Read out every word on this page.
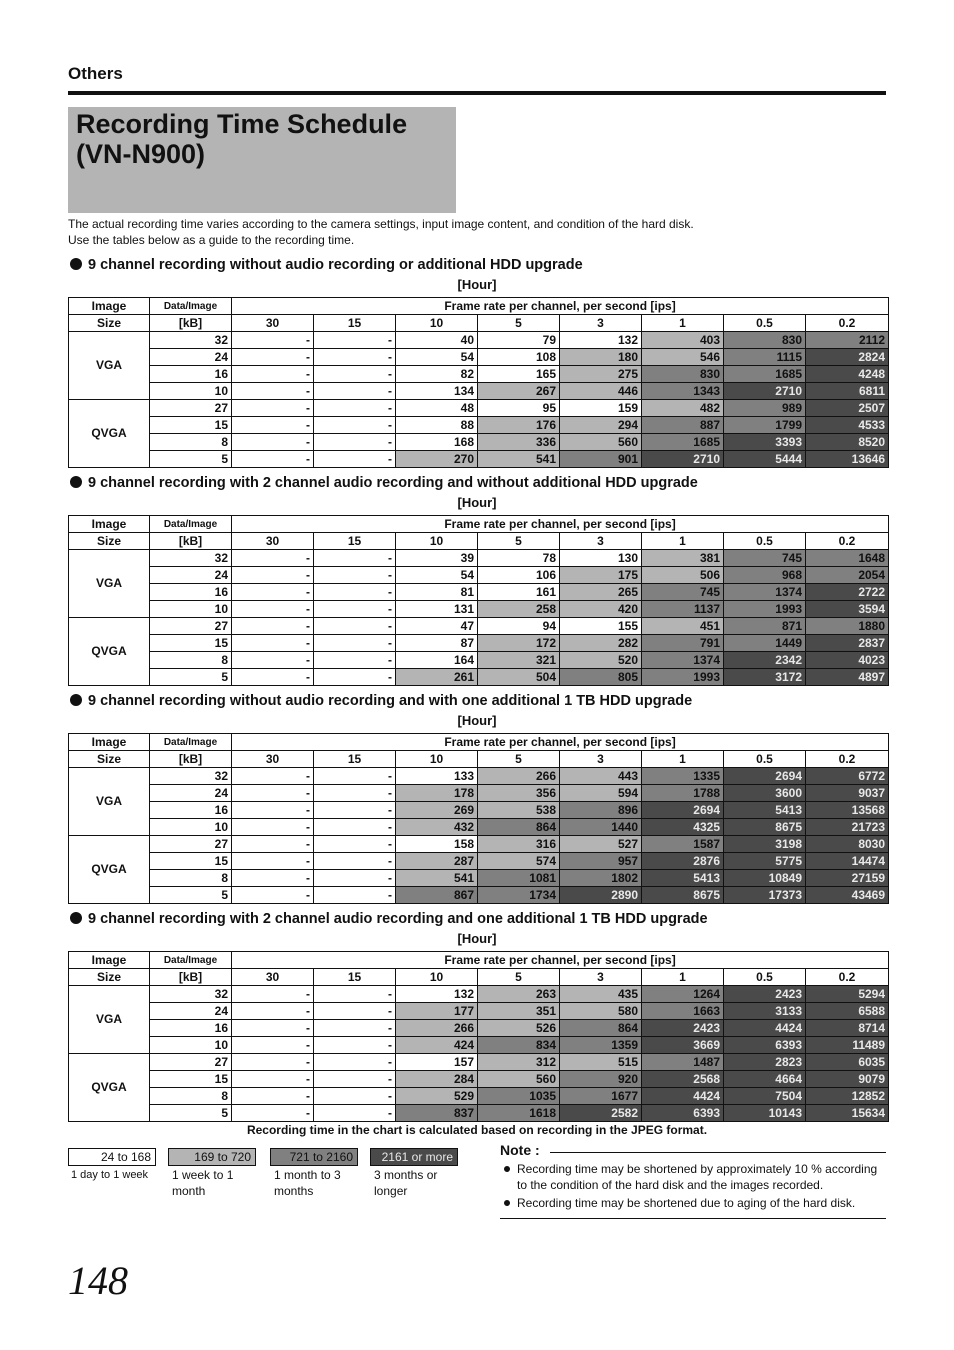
Others
Recording Time Schedule
(VN-N900)
The actual recording time varies according to the camera settings, input image content, and condition of the hard disk.
Use the tables below as a guide to the recording time.
9 channel recording without audio recording or additional HDD upgrade
[Hour]
Image	Data/Image	Frame rate per channel, per second [ips]							
Size	[kB]	30	15	10	5	3	1	0.5	0.2
VGA	32	-	-	40	79	132	403	830	2112
	24	-	-	54	108	180	546	1115	2824
	16	-	-	82	165	275	830	1685	4248
	10	-	-	134	267	446	1343	2710	6811
QVGA	27	-	-	48	95	159	482	989	2507
	15	-	-	88	176	294	887	1799	4533
	8	-	-	168	336	560	1685	3393	8520
	5	-	-	270	541	901	2710	5444	13646
9 channel recording with 2 channel audio recording and without additional HDD upgrade
[Hour]
Image	Data/Image	Frame rate per channel, per second [ips]							
Size	[kB]	30	15	10	5	3	1	0.5	0.2
VGA	32	-	-	39	78	130	381	745	1648
	24	-	-	54	106	175	506	968	2054
	16	-	-	81	161	265	745	1374	2722
	10	-	-	131	258	420	1137	1993	3594
QVGA	27	-	-	47	94	155	451	871	1880
	15	-	-	87	172	282	791	1449	2837
	8	-	-	164	321	520	1374	2342	4023
	5	-	-	261	504	805	1993	3172	4897
9 channel recording without audio recording and with one additional 1 TB HDD upgrade
[Hour]
Image	Data/Image	Frame rate per channel, per second [ips]							
Size	[kB]	30	15	10	5	3	1	0.5	0.2
VGA	32	-	-	133	266	443	1335	2694	6772
	24	-	-	178	356	594	1788	3600	9037
	16	-	-	269	538	896	2694	5413	13568
	10	-	-	432	864	1440	4325	8675	21723
QVGA	27	-	-	158	316	527	1587	3198	8030
	15	-	-	287	574	957	2876	5775	14474
	8	-	-	541	1081	1802	5413	10849	27159
	5	-	-	867	1734	2890	8675	17373	43469
9 channel recording with 2 channel audio recording and one additional 1 TB HDD upgrade
[Hour]
Image	Data/Image	Frame rate per channel, per second [ips]							
Size	[kB]	30	15	10	5	3	1	0.5	0.2
VGA	32	-	-	132	263	435	1264	2423	5294
	24	-	-	177	351	580	1663	3133	6588
	16	-	-	266	526	864	2423	4424	8714
	10	-	-	424	834	1359	3669	6393	11489
QVGA	27	-	-	157	312	515	1487	2823	6035
	15	-	-	284	560	920	2568	4664	9079
	8	-	-	529	1035	1677	4424	7504	12852
	5	-	-	837	1618	2582	6393	10143	15634
Recording time in the chart is calculated based on recording in the JPEG format.
24 to 168
1 day to 1 week
169 to 720
1 week to 1 month
721 to 2160
1 month to 3 months
2161 or more
3 months or longer
Note :
Recording time may be shortened by approximately 10 % according to the condition of the hard disk and the images recorded.
Recording time may be shortened due to aging of the hard disk.
148
